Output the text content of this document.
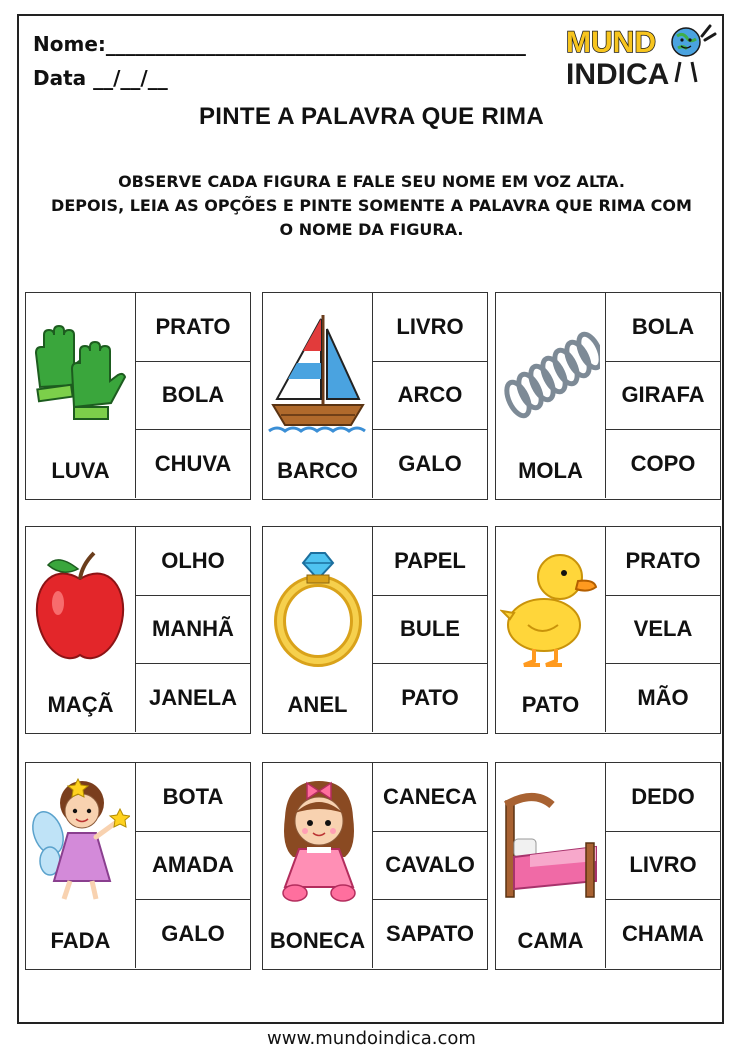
Nome:__________________________________________
Data __/__/__
MUND
INDICA
PINTE A PALAVRA QUE RIMA
OBSERVE CADA FIGURA E FALE SEU NOME EM VOZ ALTA.
DEPOIS, LEIA AS OPÇÕES E PINTE SOMENTE A PALAVRA QUE RIMA COM
O NOME DA FIGURA.
LUVA
PRATO
BOLA
CHUVA	BARCO
LIVRO
ARCO
GALO	MOLA
BOLA
GIRAFA
COPO
MAÇÃ
OLHO
MANHÃ
JANELA	ANEL
PAPEL
BULE
PATO	PATO
PRATO
VELA
MÃO
FADA
BOTA
AMADA
GALO	BONECA
CANECA
CAVALO
SAPATO	CAMA
DEDO
LIVRO
CHAMA
www.mundoindica.com
